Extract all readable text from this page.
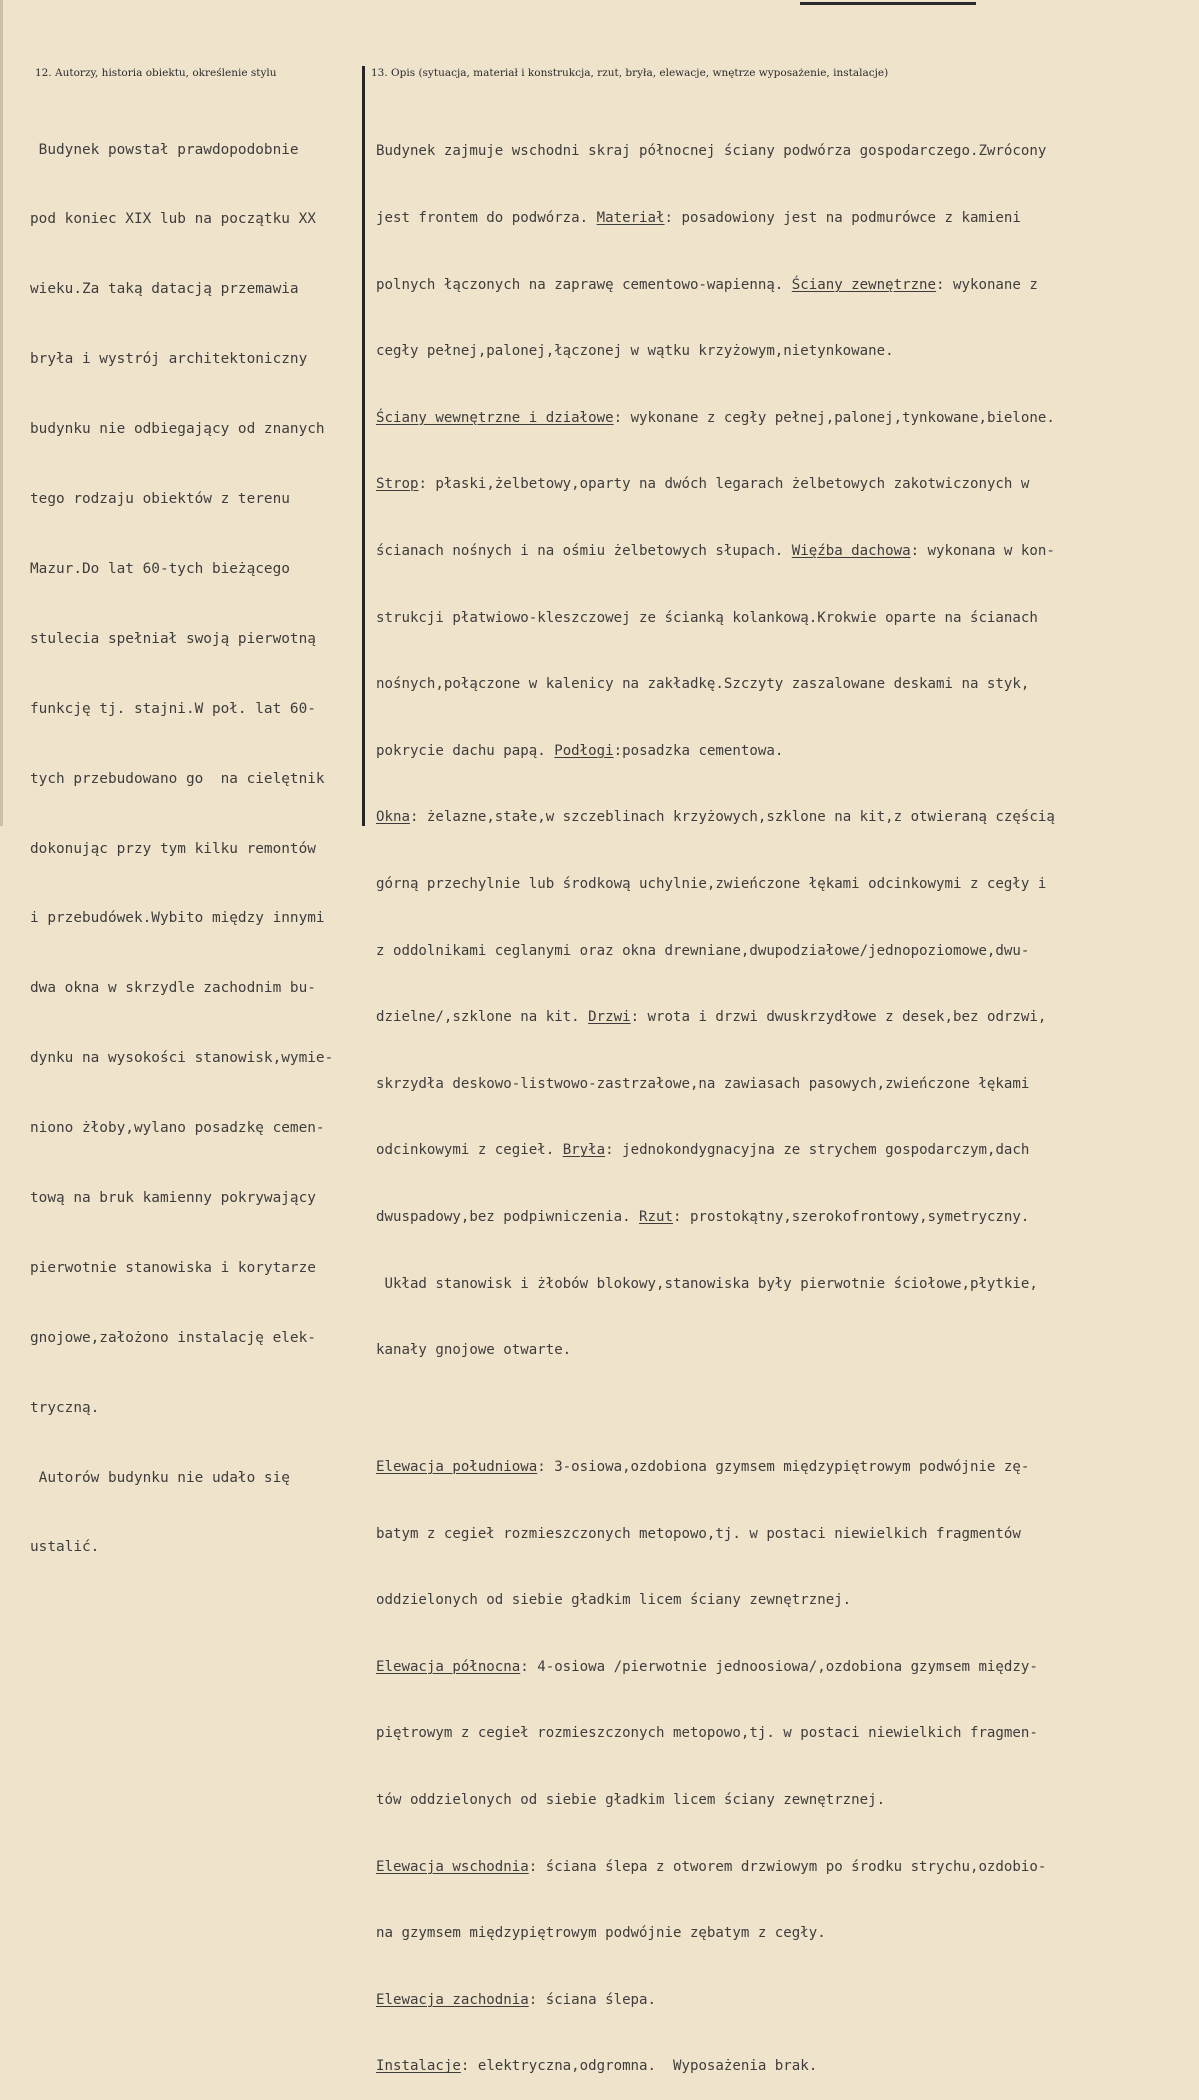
12. Autorzy, historia obiektu, określenie stylu	13. Opis (sytuacja, materiał i konstrukcja, rzut, bryła, elewacje, wnętrze wyposażenie, instalacje)

Budynek powstał prawdopodobnie

pod koniec XIX lub na początku XX

wieku.Za taką datacją przemawia

bryła i wystrój architektoniczny

budynku nie odbiegający od znanych

tego rodzaju obiektów z terenu

Mazur.Do lat 60-tych bieżącego

stulecia spełniał swoją pierwotną

funkcję tj. stajni.W poł. lat 60-

tych przebudowano go  na cielętnik

dokonując przy tym kilku remontów

i przebudówek.Wybito między innymi

dwa okna w skrzydle zachodnim bu-

dynku na wysokości stanowisk,wymie-

niono żłoby,wylano posadzkę cemen-

tową na bruk kamienny pokrywający

pierwotnie stanowiska i korytarze

gnojowe,założono instalację elek-

tryczną.

Autorów budynku nie udało się

ustalić.

Budynek zajmuje wschodni skraj północnej ściany podwórza gospodarczego.Zwrócony

jest frontem do podwórza. Materiał: posadowiony jest na podmurówce z kamieni

polnych łączonych na zaprawę cementowo-wapienną. Ściany zewnętrzne: wykonane z

cegły pełnej,palonej,łączonej w wątku krzyżowym,nietynkowane.

Ściany wewnętrzne i działowe: wykonane z cegły pełnej,palonej,tynkowane,bielone.

Strop: płaski,żelbetowy,oparty na dwóch legarach żelbetowych zakotwiczonych w

ścianach nośnych i na ośmiu żelbetowych słupach. Więźba dachowa: wykonana w kon-

strukcji płatwiowo-kleszczowej ze ścianką kolankową.Krokwie oparte na ścianach

nośnych,połączone w kalenicy na zakładkę.Szczyty zaszalowane deskami na styk,

pokrycie dachu papą. Podłogi:posadzka cementowa.

Okna: żelazne,stałe,w szczeblinach krzyżowych,szklone na kit,z otwieraną częścią

górną przechylnie lub środkową uchylnie,zwieńczone łękami odcinkowymi z cegły i

z oddolnikami ceglanymi oraz okna drewniane,dwupodziałowe/jednopoziomowe,dwu-

dzielne/,szklone na kit. Drzwi: wrota i drzwi dwuskrzydłowe z desek,bez odrzwi,

skrzydła deskowo-listwowo-zastrzałowe,na zawiasach pasowych,zwieńczone łękami

odcinkowymi z cegieł. Bryła: jednokondygnacyjna ze strychem gospodarczym,dach

dwuspadowy,bez podpiwniczenia. Rzut: prostokątny,szerokofrontowy,symetryczny.

Układ stanowisk i żłobów blokowy,stanowiska były pierwotnie ściołowe,płytkie,

kanały gnojowe otwarte.

Elewacja południowa: 3-osiowa,ozdobiona gzymsem międzypiętrowym podwójnie zę-

batym z cegieł rozmieszczonych metopowo,tj. w postaci niewielkich fragmentów

oddzielonych od siebie gładkim licem ściany zewnętrznej.

Elewacja północna: 4-osiowa /pierwotnie jednoosiowa/,ozdobiona gzymsem między-

piętrowym z cegieł rozmieszczonych metopowo,tj. w postaci niewielkich fragmen-

tów oddzielonych od siebie gładkim licem ściany zewnętrznej.

Elewacja wschodnia: ściana ślepa z otworem drzwiowym po środku strychu,ozdobio-

na gzymsem międzypiętrowym podwójnie zębatym z cegły.

Elewacja zachodnia: ściana ślepa.

Instalacje: elektryczna,odgromna.  Wyposażenia brak.
